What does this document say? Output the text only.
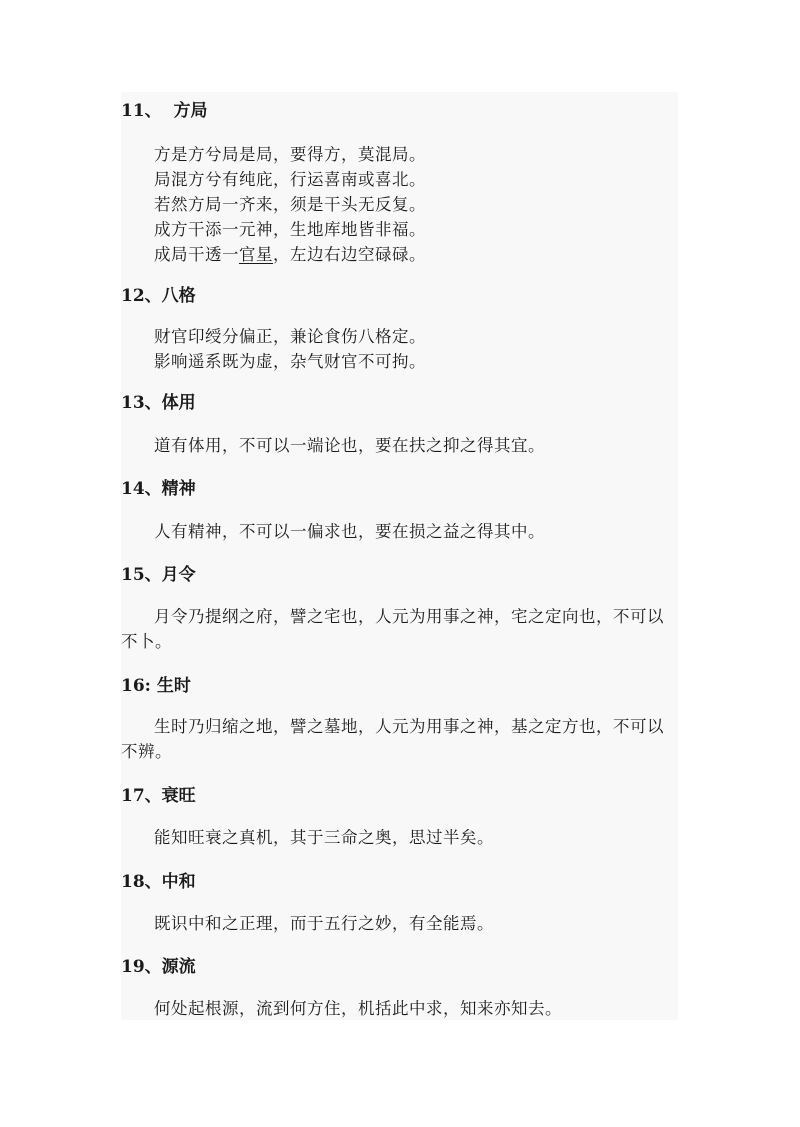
11、 方局
方是方兮局是局，要得方，莫混局。
局混方兮有纯庇，行运喜南或喜北。
若然方局一齐来，须是干头无反复。
成方干添一元神，生地库地皆非福。
成局干透一官星，左边右边空碌碌。
12、八格
财官印绶分偏正，兼论食伤八格定。
影响遥系既为虚，杂气财官不可拘。
13、体用
道有体用，不可以一端论也，要在扶之抑之得其宜。
14、精神
人有精神，不可以一偏求也，要在损之益之得其中。
15、月令
月令乃提纲之府，譬之宅也，人元为用事之神，宅之定向也，不可以不卜。
16: 生时
生时乃归缩之地，譬之墓地，人元为用事之神，基之定方也，不可以不辨。
17、衰旺
能知旺衰之真机，其于三命之奥，思过半矣。
18、中和
既识中和之正理，而于五行之妙，有全能焉。
19、源流
何处起根源，流到何方住，机括此中求，知来亦知去。
